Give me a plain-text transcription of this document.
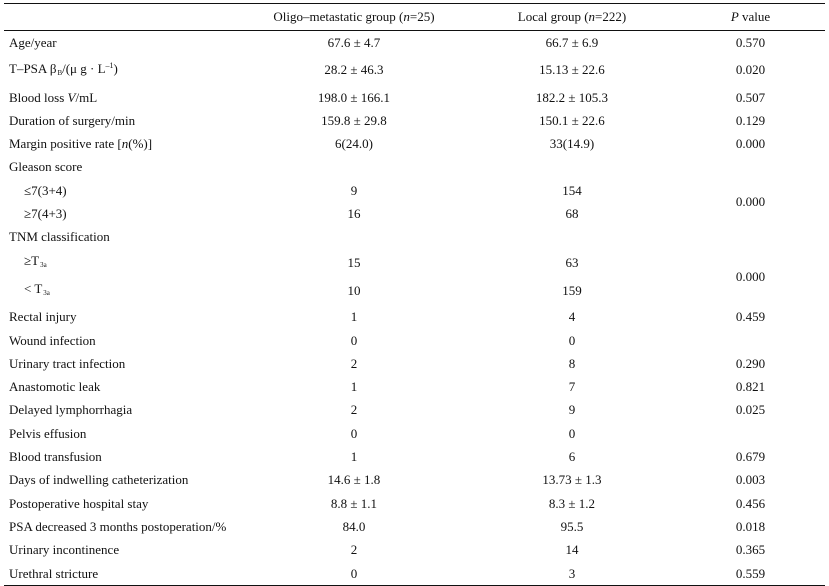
	Oligo–metastatic group (n=25)	Local group (n=222)	P value
Age/year	67.6 ± 4.7	66.7 ± 6.9	0.570
T–PSA βB/(μ $g \cdot L^{-1}$)	28.2 ± 46.3	15.13 ± 22.6	0.020
Blood loss V/mL	198.0 ± 166.1	182.2 ± 105.3	0.507
Duration of surgery/min	159.8 ± 29.8	150.1 ± 22.6	0.129
Margin positive rate [n(%)]	6(24.0)	33(14.9)	0.000
Gleason score			
≤7(3+4)	9	154	0.000
≥7(4+3)	16	68	
TNM classification			
≥T3a	15	63	0.000
< T3a	10	159	
Rectal injury	1	4	0.459
Wound infection	0	0	
Urinary tract infection	2	8	0.290
Anastomotic leak	1	7	0.821
Delayed lymphorrhagia	2	9	0.025
Pelvis effusion	0	0	
Blood transfusion	1	6	0.679
Days of indwelling catheterization	14.6 ± 1.8	13.73 ± 1.3	0.003
Postoperative hospital stay	8.8 ± 1.1	8.3 ± 1.2	0.456
PSA decreased 3 months postoperation/%	84.0	95.5	0.018
Urinary incontinence	2	14	0.365
Urethral stricture	0	3	0.559
